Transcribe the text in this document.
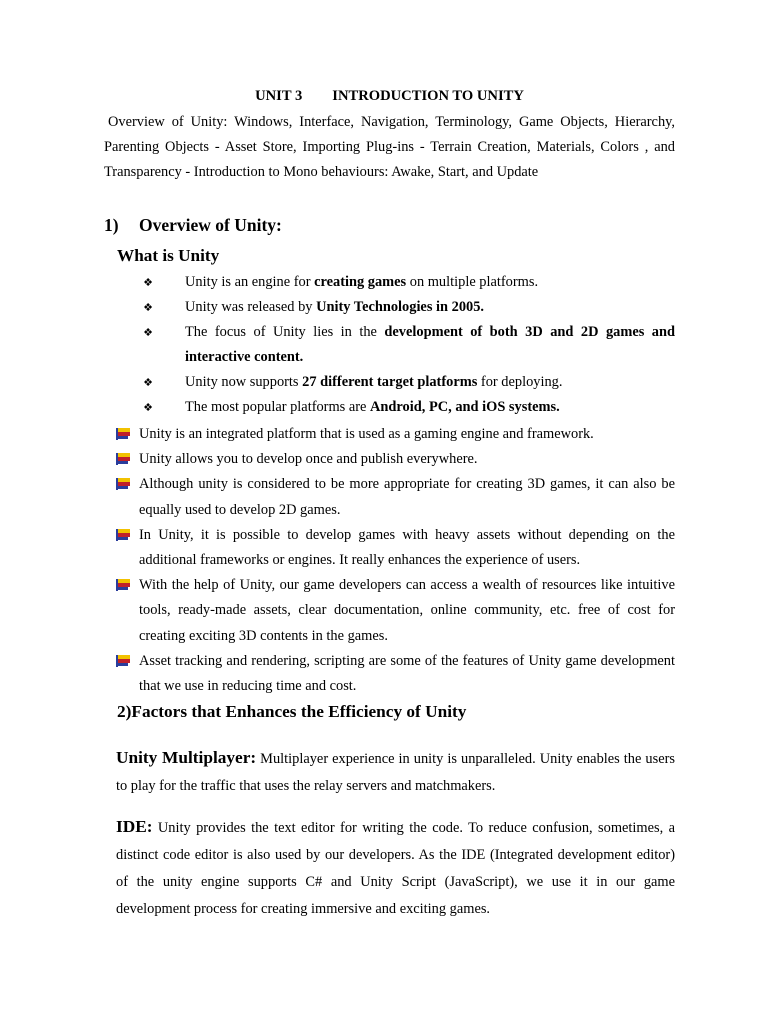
UNIT 3 INTRODUCTION TO UNITY
Overview of Unity: Windows, Interface, Navigation, Terminology, Game Objects, Hierarchy, Parenting Objects - Asset Store, Importing Plug-ins - Terrain Creation, Materials, Colors , and Transparency - Introduction to Mono behaviours: Awake, Start, and Update
1) Overview of Unity:
What is Unity
❖ Unity is an engine for creating games on multiple platforms.
❖ Unity was released by Unity Technologies in 2005.
❖ The focus of Unity lies in the development of both 3D and 2D games and interactive content.
❖ Unity now supports 27 different target platforms for deploying.
❖ The most popular platforms are Android, PC, and iOS systems.
Unity is an integrated platform that is used as a gaming engine and framework.
Unity allows you to develop once and publish everywhere.
Although unity is considered to be more appropriate for creating 3D games, it can also be equally used to develop 2D games.
In Unity, it is possible to develop games with heavy assets without depending on the additional frameworks or engines. It really enhances the experience of users.
With the help of Unity, our game developers can access a wealth of resources like intuitive tools, ready-made assets, clear documentation, online community, etc. free of cost for creating exciting 3D contents in the games.
Asset tracking and rendering, scripting are some of the features of Unity game development that we use in reducing time and cost.
2)Factors that Enhances the Efficiency of Unity
Unity Multiplayer: Multiplayer experience in unity is unparalleled. Unity enables the users to play for the traffic that uses the relay servers and matchmakers.
IDE: Unity provides the text editor for writing the code. To reduce confusion, sometimes, a distinct code editor is also used by our developers. As the IDE (Integrated development editor) of the unity engine supports C# and Unity Script (JavaScript), we use it in our game development process for creating immersive and exciting games.
